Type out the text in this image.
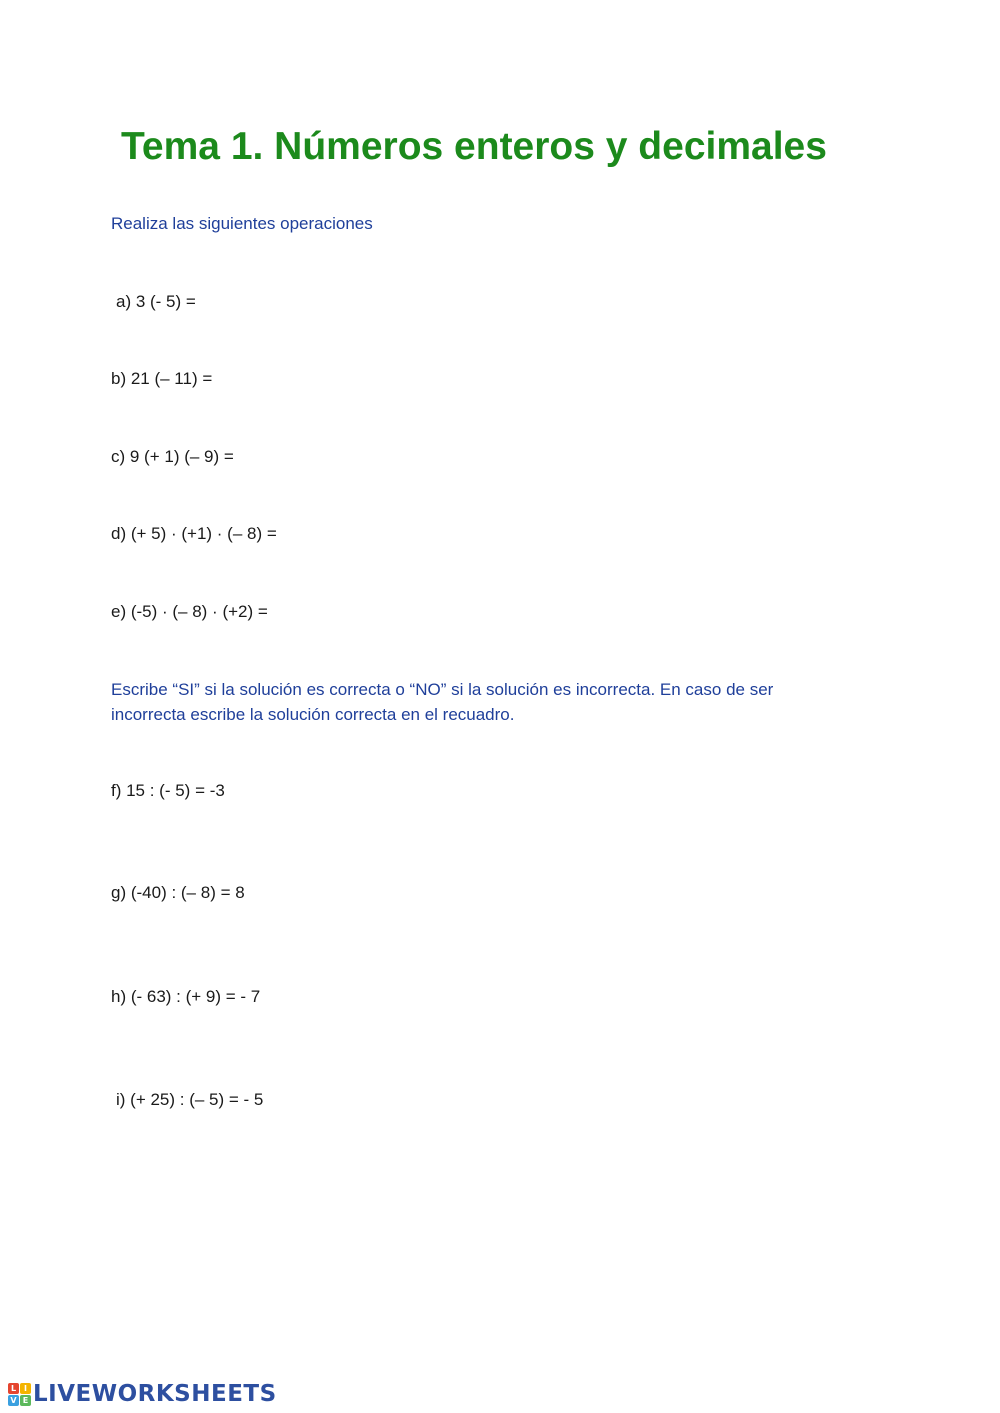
Tema 1. Números enteros y decimales

Realiza las siguientes operaciones

a) 3 (- 5) =

b) 21 (– 11) =

c) 9 (+ 1) (– 9) =

d) (+ 5) · (+1) · (– 8) =

e) (-5) · (– 8) · (+2) =

Escribe “SI” si la solución es correcta o “NO” si la solución es incorrecta. En caso de ser incorrecta escribe la solución correcta en el recuadro.

f) 15 : (- 5) = -3

g) (-40) : (– 8) = 8

h) (- 63) : (+ 9) = - 7

i) (+ 25) : (– 5) = - 5

L I
V E LIVEWORKSHEETS
